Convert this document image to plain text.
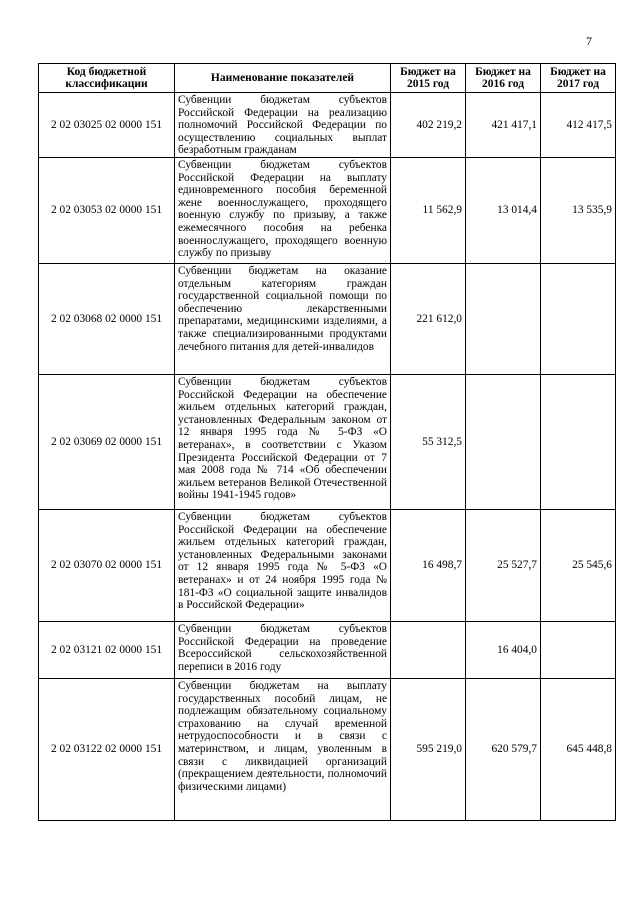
7
Код бюджетной классификации	Наименование показателей	Бюджет на 2015 год	Бюджет на 2016 год	Бюджет на 2017 год
2 02 03025 02 0000 151	Субвенции бюджетам субъектов Российской Федерации на реализацию полномочий Российской Федерации по осуществлению социальных выплат безработным гражданам	402 219,2	421 417,1	412 417,5
2 02 03053 02 0000 151	Субвенции бюджетам субъектов Российской Федерации на выплату единовременного пособия беременной жене военнослужащего, проходящего военную службу по призыву, а также ежемесячного пособия на ребенка военнослужащего, проходящего военную службу по призыву	11 562,9	13 014,4	13 535,9
2 02 03068 02 0000 151	Субвенции бюджетам на оказание отдельным категориям граждан государственной социальной помощи по обеспечению лекарственными препаратами, медицинскими изделиями, а также специализированными продуктами лечебного питания для детей-инвалидов	221 612,0		
2 02 03069 02 0000 151	Субвенции бюджетам субъектов Российской Федерации на обеспечение жильем отдельных категорий граждан, установленных Федеральным законом от 12 января 1995 года № 5-ФЗ «О ветеранах», в соответствии с Указом Президента Российской Федерации от 7 мая 2008 года № 714 «Об обеспечении жильем ветеранов Великой Отечественной войны 1941-1945 годов»	55 312,5		
2 02 03070 02 0000 151	Субвенции бюджетам субъектов Российской Федерации на обеспечение жильем отдельных категорий граждан, установленных Федеральными законами от 12 января 1995 года № 5-ФЗ «О ветеранах» и от 24 ноября 1995 года № 181-ФЗ «О социальной защите инвалидов в Российской Федерации»	16 498,7	25 527,7	25 545,6
2 02 03121 02 0000 151	Субвенции бюджетам субъектов Российской Федерации на проведение Всероссийской сельскохозяйственной переписи в 2016 году		16 404,0	
2 02 03122 02 0000 151	Субвенции бюджетам на выплату государственных пособий лицам, не подлежащим обязательному социальному страхованию на случай временной нетрудоспособности и в связи с материнством, и лицам, уволенным в связи с ликвидацией организаций (прекращением деятельности, полномочий физическими лицами)	595 219,0	620 579,7	645 448,8
